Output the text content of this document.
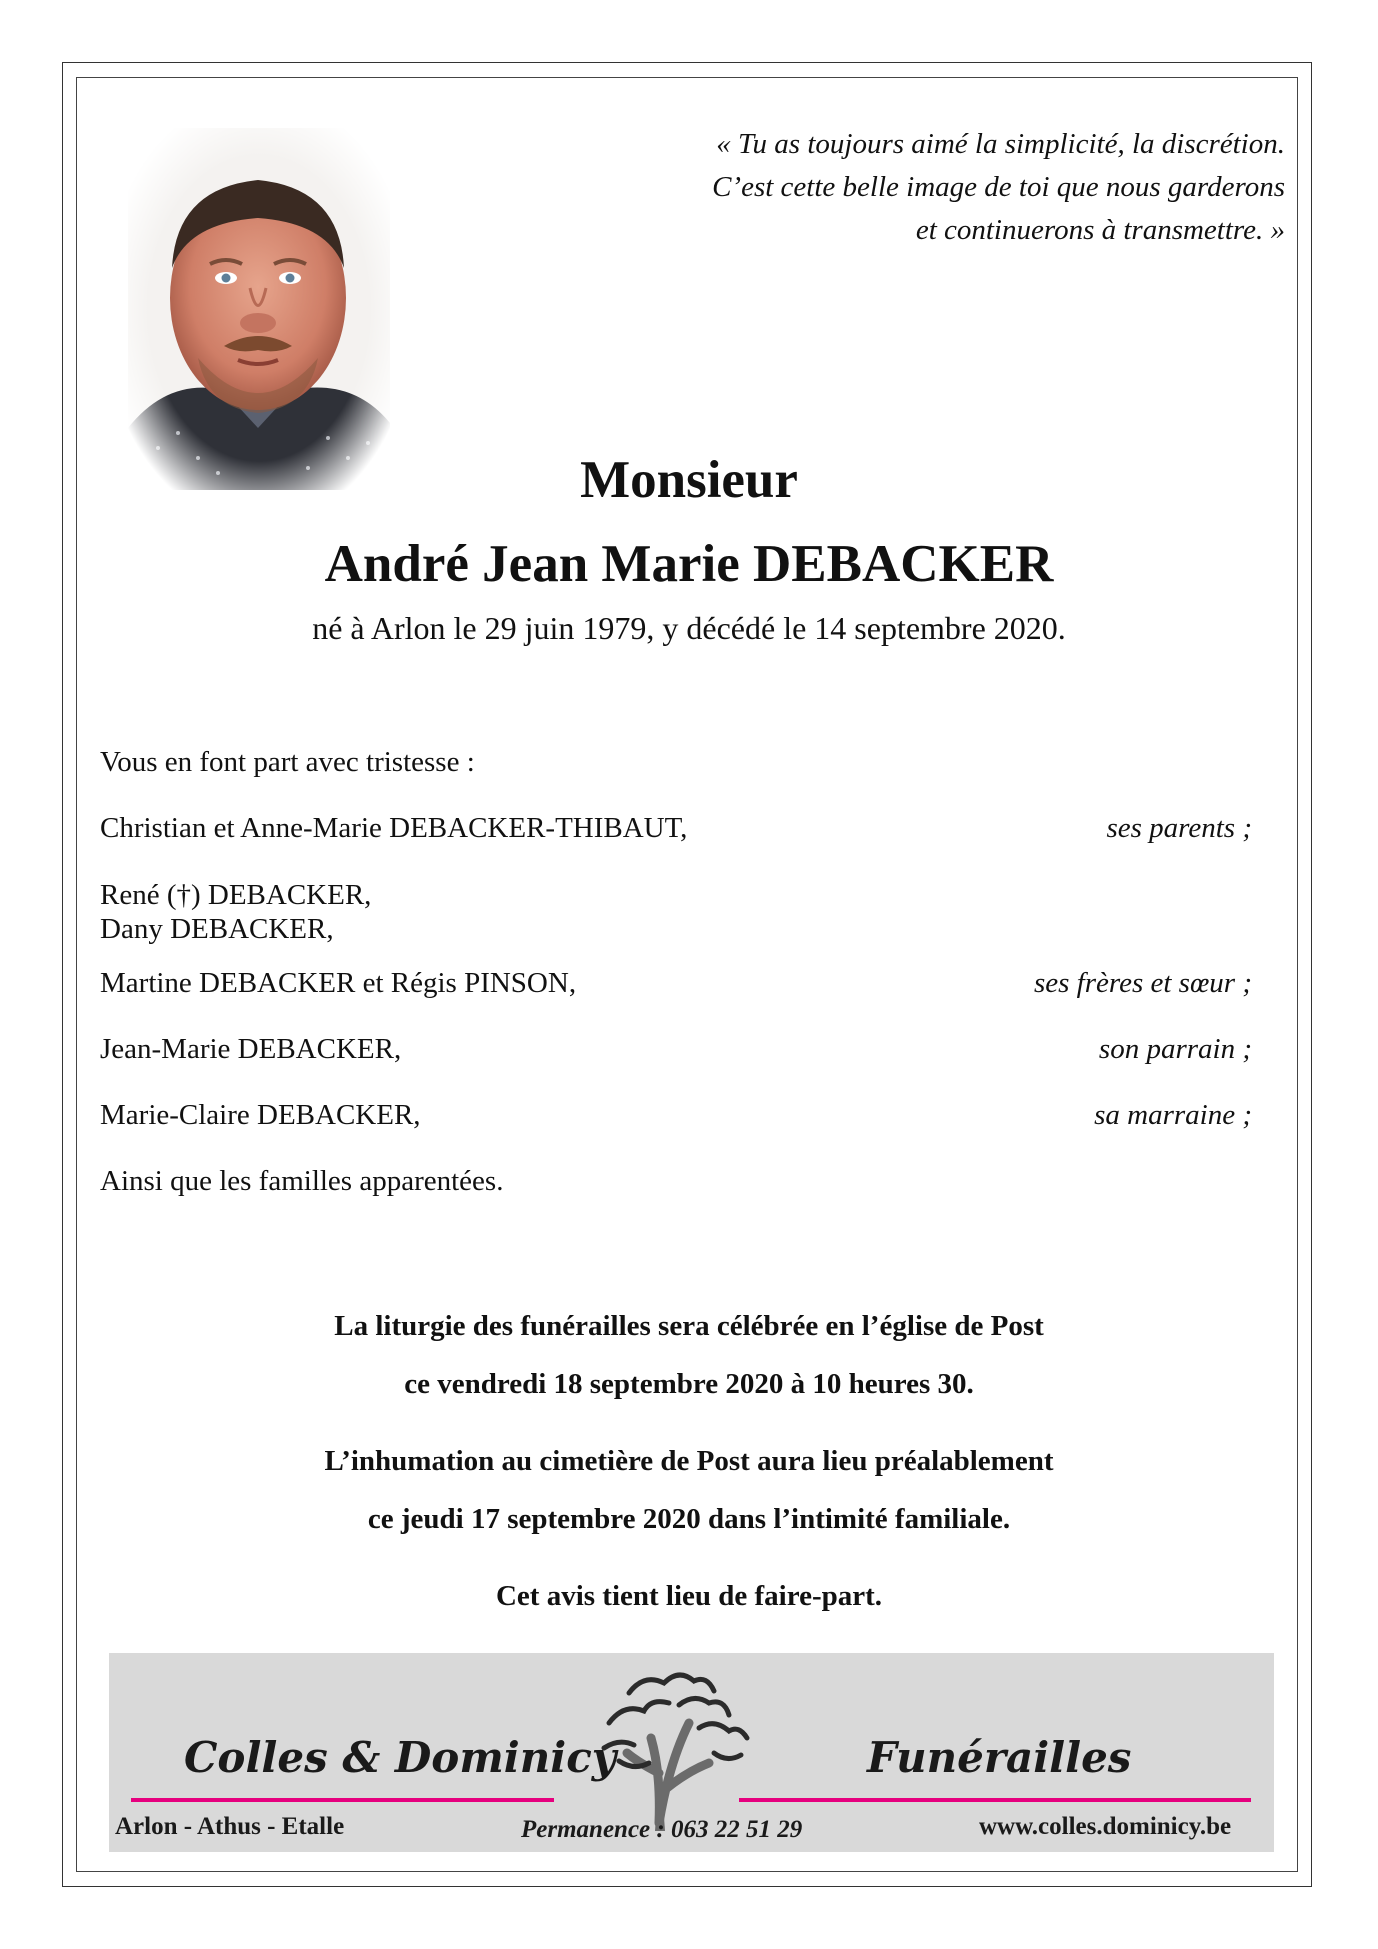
« Tu as toujours aimé la simplicité, la discrétion.
C’est cette belle image de toi que nous garderons
et continuerons à transmettre. »
Monsieur
André Jean Marie DEBACKER
né à Arlon le 29 juin 1979, y décédé le 14 septembre 2020.
Vous en font part avec tristesse :
Christian et Anne-Marie DEBACKER-THIBAUT,	ses parents ;
René (†) DEBACKER,
Dany DEBACKER,
Martine DEBACKER et Régis PINSON,	ses frères et sœur ;
Jean-Marie DEBACKER,	son parrain ;
Marie-Claire DEBACKER,	sa marraine ;
Ainsi que les familles apparentées.
La liturgie des funérailles sera célébrée en l’église de Post
ce vendredi 18 septembre 2020 à 10 heures 30.
L’inhumation au cimetière de Post aura lieu préalablement
ce jeudi 17 septembre 2020 dans l’intimité familiale.
Cet avis tient lieu de faire-part.
Colles & Dominicy	Funérailles
Arlon - Athus - Etalle	Permanence : 063 22 51 29	www.colles.dominicy.be
